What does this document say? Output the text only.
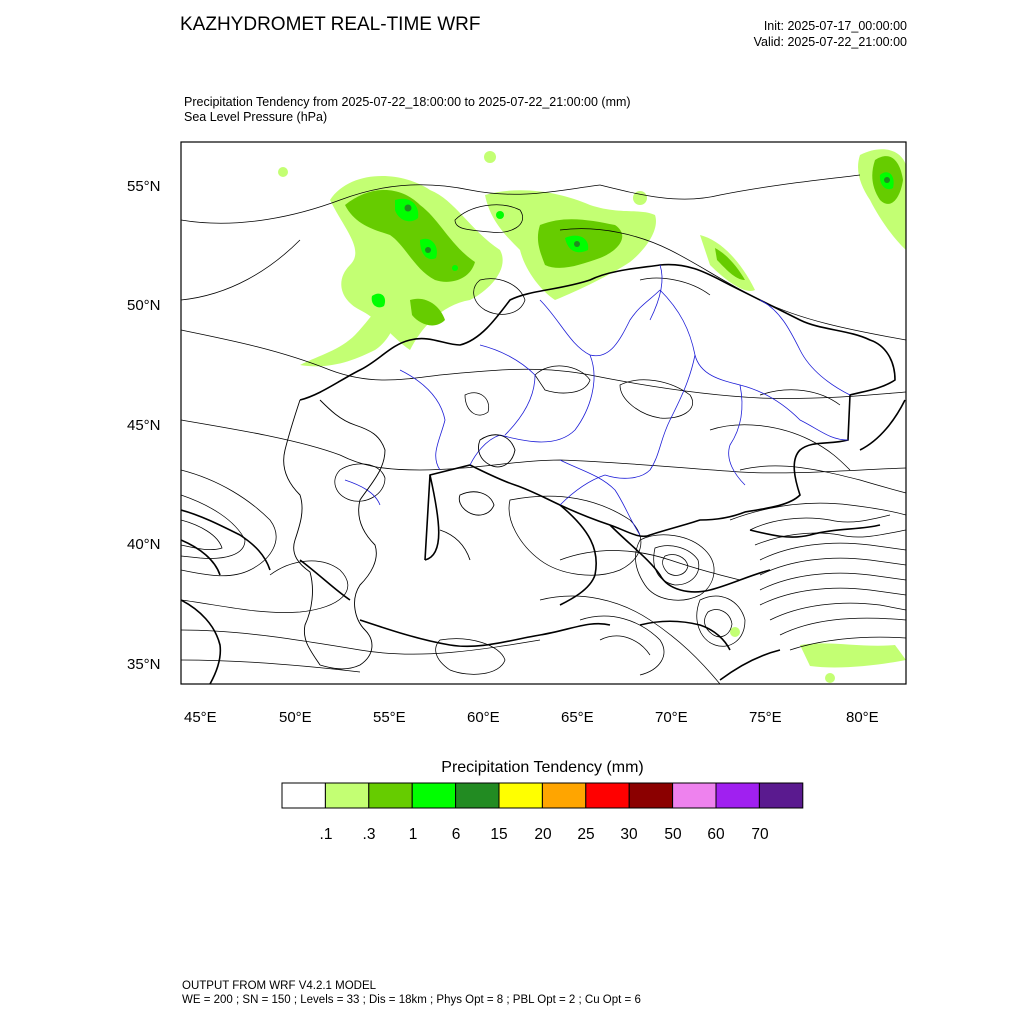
KAZHYDROMET REAL-TIME WRF	Init: 2025-07-17_00:00:00
Valid: 2025-07-22_21:00:00
Precipitation Tendency from 2025-07-22_18:00:00 to 2025-07-22_21:00:00 (mm)
Sea Level Pressure (hPa)
55°N
50°N
45°N
40°N
35°N
45°E	50°E	55°E	60°E	65°E	70°E	75°E	80°E
Precipitation Tendency (mm)
.1 .3 1 6 15 20 25 30 50 60 70
OUTPUT FROM WRF V4.2.1 MODEL
WE = 200 ; SN = 150 ; Levels = 33 ; Dis = 18km ; Phys Opt = 8 ; PBL Opt = 2 ; Cu Opt = 6
